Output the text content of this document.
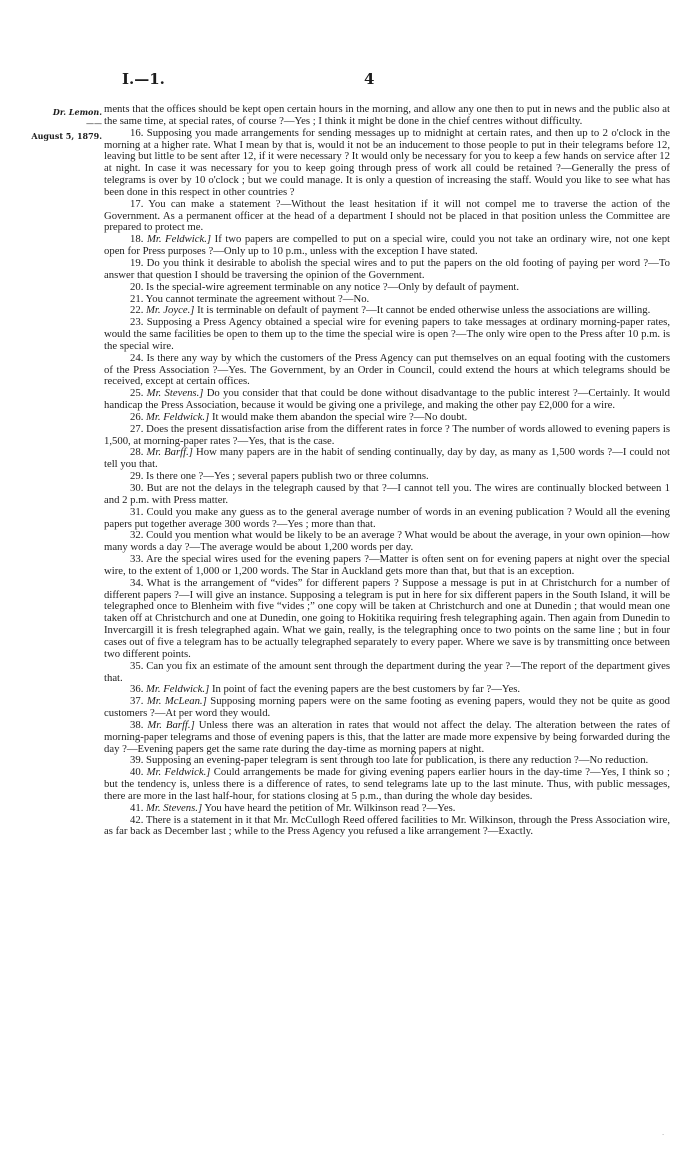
I.—1.	4
Dr. Lemon.
——
August 5, 1879.

ments that the offices should be kept open certain hours in the morning, and allow any one then to put in news and the public also at the same time, at special rates, of course ?—Yes ; I think it might be done in the chief centres without difficulty.

16. Supposing you made arrangements for sending messages up to midnight at certain rates, and then up to 2 o'clock in the morning at a higher rate. What I mean by that is, would it not be an inducement to those people to put in their telegrams before 12, leaving but little to be sent after 12, if it were necessary ? It would only be necessary for you to keep a few hands on service after 12 at night. In case it was necessary for you to keep going through press of work all could be retained ?—Generally the press of telegrams is over by 10 o'clock ; but we could manage. It is only a question of increasing the staff. Would you like to see what has been done in this respect in other countries ?

17. You can make a statement ?—Without the least hesitation if it will not compel me to traverse the action of the Government. As a permanent officer at the head of a department I should not be placed in that position unless the Committee are prepared to protect me.

18. Mr. Feldwick.] If two papers are compelled to put on a special wire, could you not take an ordinary wire, not one kept open for Press purposes ?—Only up to 10 p.m., unless with the exception I have stated.

19. Do you think it desirable to abolish the special wires and to put the papers on the old footing of paying per word ?—To answer that question I should be traversing the opinion of the Government.

20. Is the special-wire agreement terminable on any notice ?—Only by default of payment.

21. You cannot terminate the agreement without ?—No.

22. Mr. Joyce.] It is terminable on default of payment ?—It cannot be ended otherwise unless the associations are willing.

23. Supposing a Press Agency obtained a special wire for evening papers to take messages at ordinary morning-paper rates, would the same facilities be open to them up to the time the special wire is open ?—The only wire open to the Press after 10 p.m. is the special wire.

24. Is there any way by which the customers of the Press Agency can put themselves on an equal footing with the customers of the Press Association ?—Yes. The Government, by an Order in Council, could extend the hours at which telegrams should be received, except at certain offices.

25. Mr. Stevens.] Do you consider that that could be done without disadvantage to the public interest ?—Certainly. It would handicap the Press Association, because it would be giving one a privilege, and making the other pay £2,000 for a wire.

26. Mr. Feldwick.] It would make them abandon the special wire ?—No doubt.

27. Does the present dissatisfaction arise from the different rates in force ? The number of words allowed to evening papers is 1,500, at morning-paper rates ?—Yes, that is the case.

28. Mr. Barff.] How many papers are in the habit of sending continually, day by day, as many as 1,500 words ?—I could not tell you that.

29. Is there one ?—Yes ; several papers publish two or three columns.

30. But are not the delays in the telegraph caused by that ?—I cannot tell you. The wires are continually blocked between 1 and 2 p.m. with Press matter.

31. Could you make any guess as to the general average number of words in an evening publication ? Would all the evening papers put together average 300 words ?—Yes ; more than that.

32. Could you mention what would be likely to be an average ? What would be about the average, in your own opinion—how many words a day ?—The average would be about 1,200 words per day.

33. Are the special wires used for the evening papers ?—Matter is often sent on for evening papers at night over the special wire, to the extent of 1,000 or 1,200 words. The Star in Auckland gets more than that, but that is an exception.

34. What is the arrangement of “vides” for different papers ? Suppose a message is put in at Christchurch for a number of different papers ?—I will give an instance. Supposing a telegram is put in here for six different papers in the South Island, it will be telegraphed once to Blenheim with five “vides ;” one copy will be taken at Christchurch and one at Dunedin ; that would mean one taken off at Christchurch and one at Dunedin, one going to Hokitika requiring fresh telegraphing again. Then again from Dunedin to Invercargill it is fresh telegraphed again. What we gain, really, is the telegraphing once to two points on the same line ; but in four cases out of five a telegram has to be actually telegraphed separately to every paper. Where we save is by transmitting once between two different points.

35. Can you fix an estimate of the amount sent through the department during the year ?—The report of the department gives that.

36. Mr. Feldwick.] In point of fact the evening papers are the best customers by far ?—Yes.

37. Mr. McLean.] Supposing morning papers were on the same footing as evening papers, would they not be quite as good customers ?—At per word they would.

38. Mr. Barff.] Unless there was an alteration in rates that would not affect the delay. The alteration between the rates of morning-paper telegrams and those of evening papers is this, that the latter are made more expensive by being forwarded during the day ?—Evening papers get the same rate during the day-time as morning papers at night.

39. Supposing an evening-paper telegram is sent through too late for publication, is there any reduction ?—No reduction.

40. Mr. Feldwick.] Could arrangements be made for giving evening papers earlier hours in the day-time ?—Yes, I think so ; but the tendency is, unless there is a difference of rates, to send telegrams late up to the last minute. Thus, with public messages, there are more in the last half-hour, for stations closing at 5 p.m., than during the whole day besides.

41. Mr. Stevens.] You have heard the petition of Mr. Wilkinson read ?—Yes.

42. There is a statement in it that Mr. McCullogh Reed offered facilities to Mr. Wilkinson, through the Press Association wire, as far back as December last ; while to the Press Agency you refused a like arrangement ?—Exactly.

·
